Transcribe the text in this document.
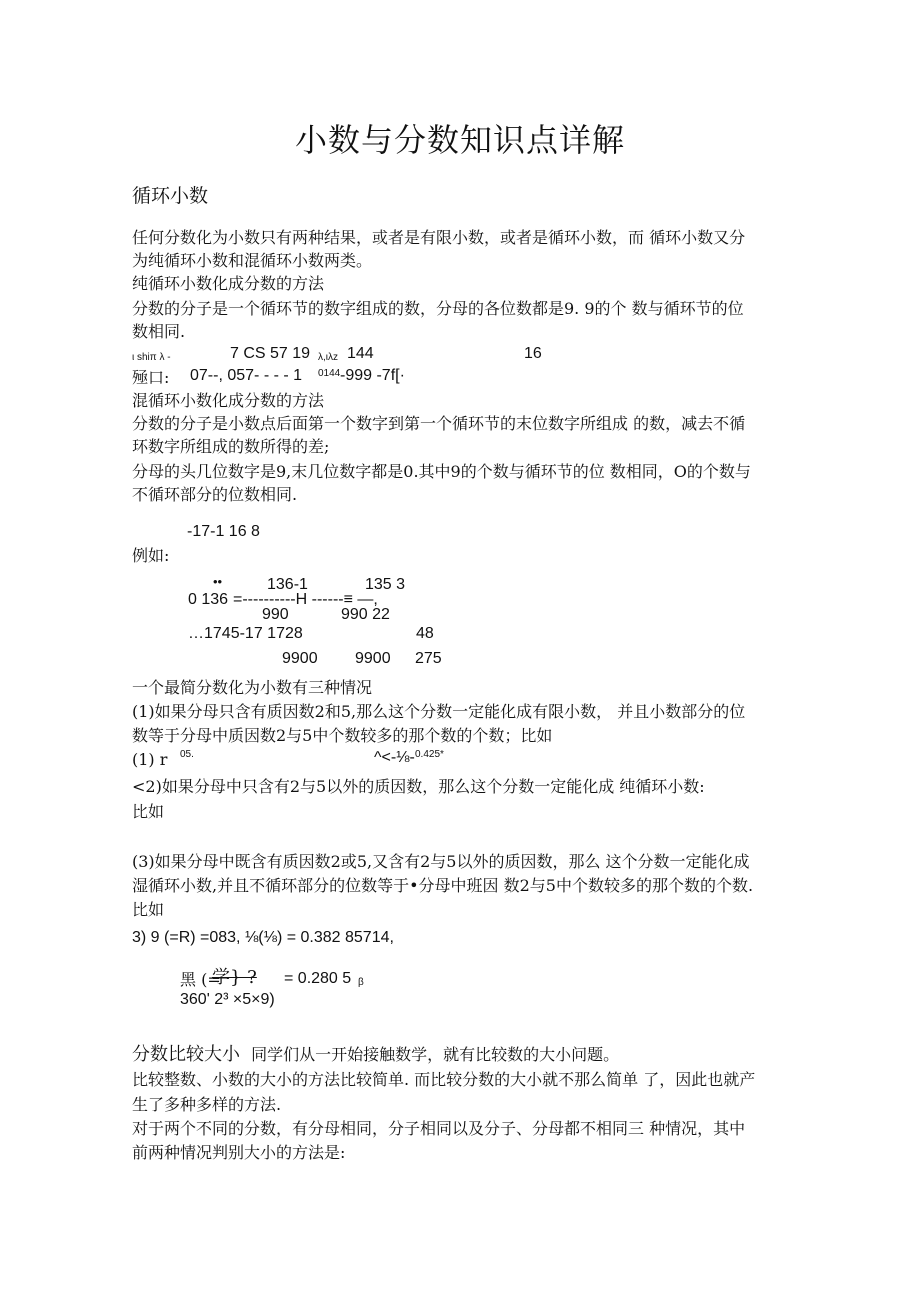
小数与分数知识点详解
循环小数
任何分数化为小数只有两种结果，或者是有限小数，或者是循环小数，而 循环小数又分
为纯循环小数和混循环小数两类。
纯循环小数化成分数的方法
分数的分子是一个循环节的数字组成的数，分母的各位数都是9. 9的个 数与循环节的位
数相同.
ι shiπ λ -	7 CS 57 19 λ,ιλz 144	16
殛口: 07--, 057- - - - 1 0144 -999 -7f[·
混循环小数化成分数的方法
分数的分子是小数点后面第一个数字到第一个循环节的末位数字所组成 的数，减去不循
环数字所组成的数所得的差;
分母的头几位数字是9,末几位数字都是0.其中9的个数与循环节的位 数相同，O的个数与
不循环部分的位数相同.
-17-1 16 8
例如:
••	136-1	135 3
0 136 =----------H ------≡ —,
990	990 22
…1745-17 1728	48
9900 9900 275
一个最简分数化为小数有三种情况
(1)如果分母只含有质因数2和5,那么这个分数一定能化成有限小数， 并且小数部分的位
数等于分母中质因数2与5中个数较多的那个数的个数；比如
(1) r 05.	^<-⅛- 0.425*
<2)如果分母中只含有2与5以外的质因数，那么这个分数一定能化成 纯循环小数:
比如
(3)如果分母中既含有质因数2或5,又含有2与5以外的质因数，那么 这个分数一定能化成
湿循环小数,并且不循环部分的位数等于•分母中班因 数2与5中个数较多的那个数的个数.
比如
3) 9 (=R) =083, ⅛(⅛) = 0.382 85714,
黑 (=
学} ? = 0.280 5 β
360' 2³ ×5×9)
分数比较大小 同学们从一开始接触数学，就有比较数的大小问题。
比较整数、小数的大小的方法比较简单. 而比较分数的大小就不那么简单 了，因此也就产
生了多种多样的方法.
对于两个不同的分数，有分母相同，分子相同以及分子、分母都不相同三 种情况，其中
前两种情况判别大小的方法是:
